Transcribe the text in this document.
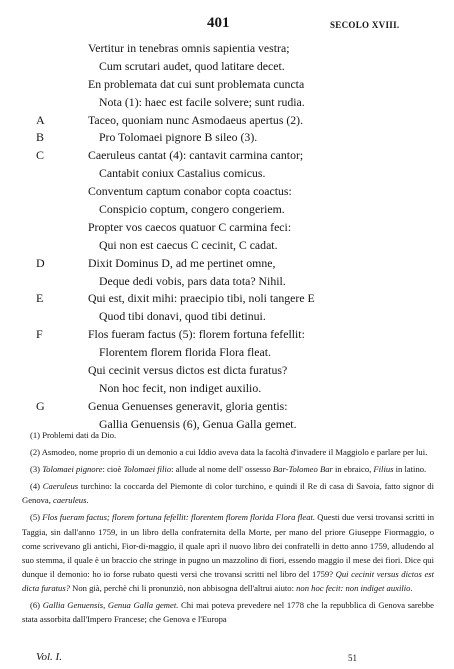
401	SECOLO XVIII.
Vertitur in tenebras omnis sapientia vestra;
Cum scrutari audet, quod latitare decet.
En problemata dat cui sunt problemata cuncta
Nota (1): haec est facile solvere; sunt rudia.
A	Taceo, quoniam nunc Asmodaeus apertus (2).
B	Pro Tolomaei pignore B sileo (3).
C	Caeruleus cantat (4): cantavit carmina cantor;
Cantabit coniux Castalius comicus.
Conventum captum conabor copta coactus:
Conspicio coptum, congero congeriem.
Propter vos caecos quatuor C carmina feci:
Qui non est caecus C cecinit, C cadat.
D	Dixit Dominus D, ad me pertinet omne,
Deque dedi vobis, pars data tota? Nihil.
E	Qui est, dixit mihi: praecipio tibi, noli tangere E
Quod tibi donavi, quod tibi detinui.
F	Flos fueram factus (5): florem fortuna fefellit:
Florentem florem florida Flora fleat.
Qui cecinit versus dictos est dicta furatus?
Non hoc fecit, non indiget auxilio.
G	Genua Genuenses generavit, gloria gentis:
Gallia Genuensis (6), Genua Galla gemet.

(1) Problemi dati da Dio.

(2) Asmodeo, nome proprio di un demonio a cui Iddio aveva data la facoltà d'invadere il Maggiolo e parlare per lui.

(3) Tolomaei pignore: cioè Tolomaei filio: allude al nome dell' ossesso Bar-Tolomeo Bar in ebraico, Filius in latino.

(4) Caeruleus turchino: la coccarda del Piemonte di color turchino, e quindi il Re di casa di Savoia, fatto signor di Genova, caeruleus.

(5) Flos fueram factus; florem fortuna fefellit: florentem florem florida Flora fleat. Questi due versi trovansi scritti in Taggia, sin dall'anno 1759, in un libro della confraternita della Morte, per mano del priore Giuseppe Fiormaggio, o come scrivevano gli antichi, Fior-di-maggio, il quale aprì il nuovo libro dei confratelli in detto anno 1759, alludendo al suo stemma, il quale è un braccio che stringe in pugno un mazzolino di fiori, essendo maggio il mese dei fiori. Dice qui dunque il demonio: ho io forse rubato questi versi che trovansi scritti nel libro del 1759? Qui cecinit versus dictos est dicta furatus? Non già, perchè chi li pronunziò, non abbisogna dell'altrui aiuto: non hoc fecit: non indiget auxilio.

(6) Gallia Genuensis, Genua Galla gemet. Chi mai poteva prevedere nel 1778 che la repubblica di Genova sarebbe stata assorbita dall'Impero Francese; che Genova e l'Europa

Vol. I.	51
